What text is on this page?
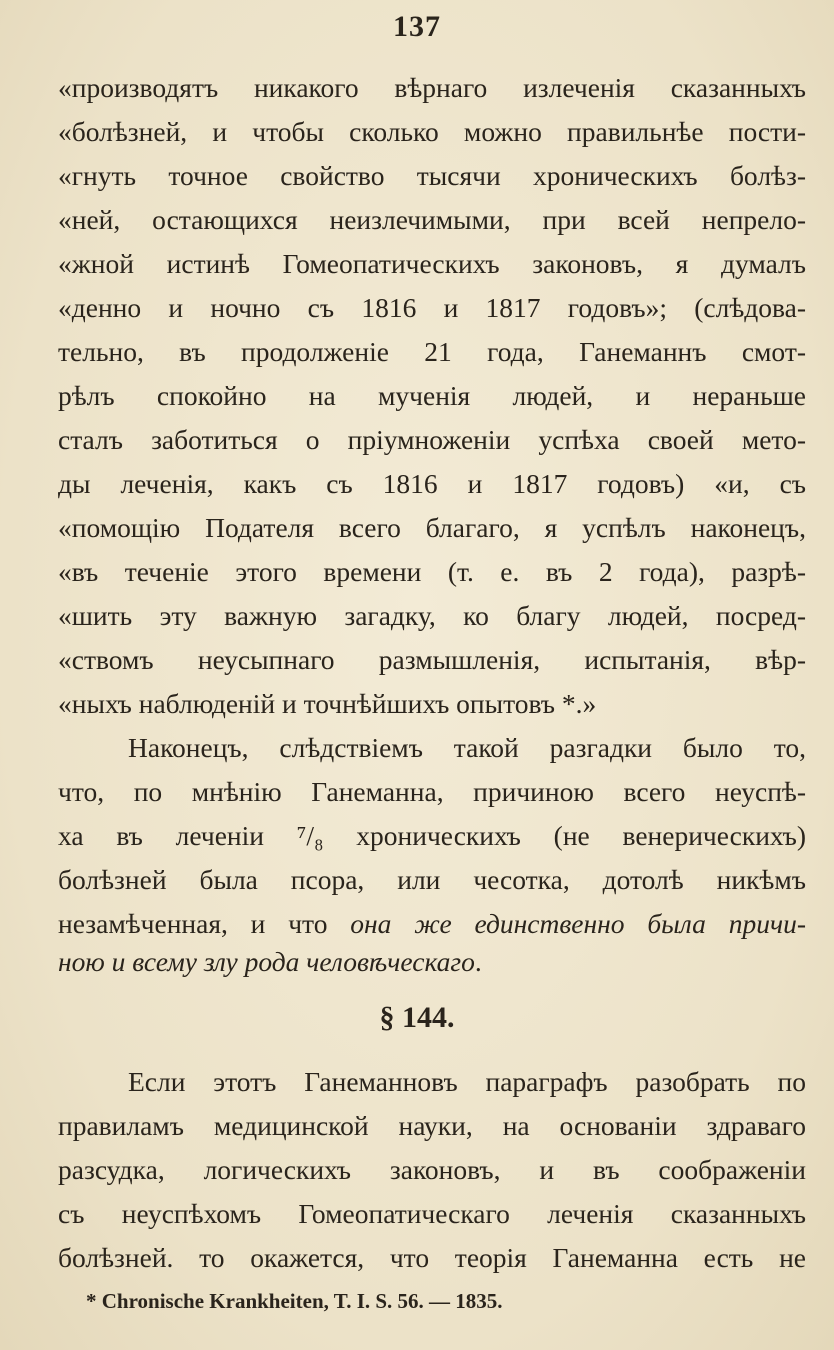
137
«производятъ никакого вѣрнаго излеченія сказанныхъ
«болѣзней, и чтобы сколько можно правильнѣе пости-
«гнуть точное свойство тысячи хроническихъ болѣз-
«ней, остающихся неизлечимыми, при всей непрело-
«жной истинѣ Гомеопатическихъ законовъ, я думалъ
«денно и ночно съ 1816 и 1817 годовъ»; (слѣдова-
тельно, въ продолженіе 21 года, Ганеманнъ смот-
рѣлъ спокойно на мученія людей, и нераньше
сталъ заботиться о пріумноженіи успѣха своей мето-
ды леченія, какъ съ 1816 и 1817 годовъ) «и, съ
«помощію Подателя всего благаго, я успѣлъ наконецъ,
«въ теченіе этого времени (т. е. въ 2 года), разрѣ-
«шить эту важную загадку, ко благу людей, посред-
«ствомъ неусыпнаго размышленія, испытанія, вѣр-
«ныхъ наблюденій и точнѣйшихъ опытовъ *.»
Наконецъ, слѣдствіемъ такой разгадки было то,
что, по мнѣнію Ганеманна, причиною всего неуспѣ-
ха въ леченіи ⁷/₈ хроническихъ (не венерическихъ)
болѣзней была псора, или чесотка, дотолѣ никѣмъ
незамѣченная, и что она же единственно была причи-
ною и всему злу рода человѣческаго.
§ 144.
Если этотъ Ганеманновъ параграфъ разобрать по
правиламъ медицинской науки, на основаніи здраваго
разсудка, логическихъ законовъ, и въ соображеніи
съ неуспѣхомъ Гомеопатическаго леченія сказанныхъ
болѣзней. то окажется, что теорія Ганеманна есть не
* Chronische Krankheiten, T. I. S. 56. — 1835.
